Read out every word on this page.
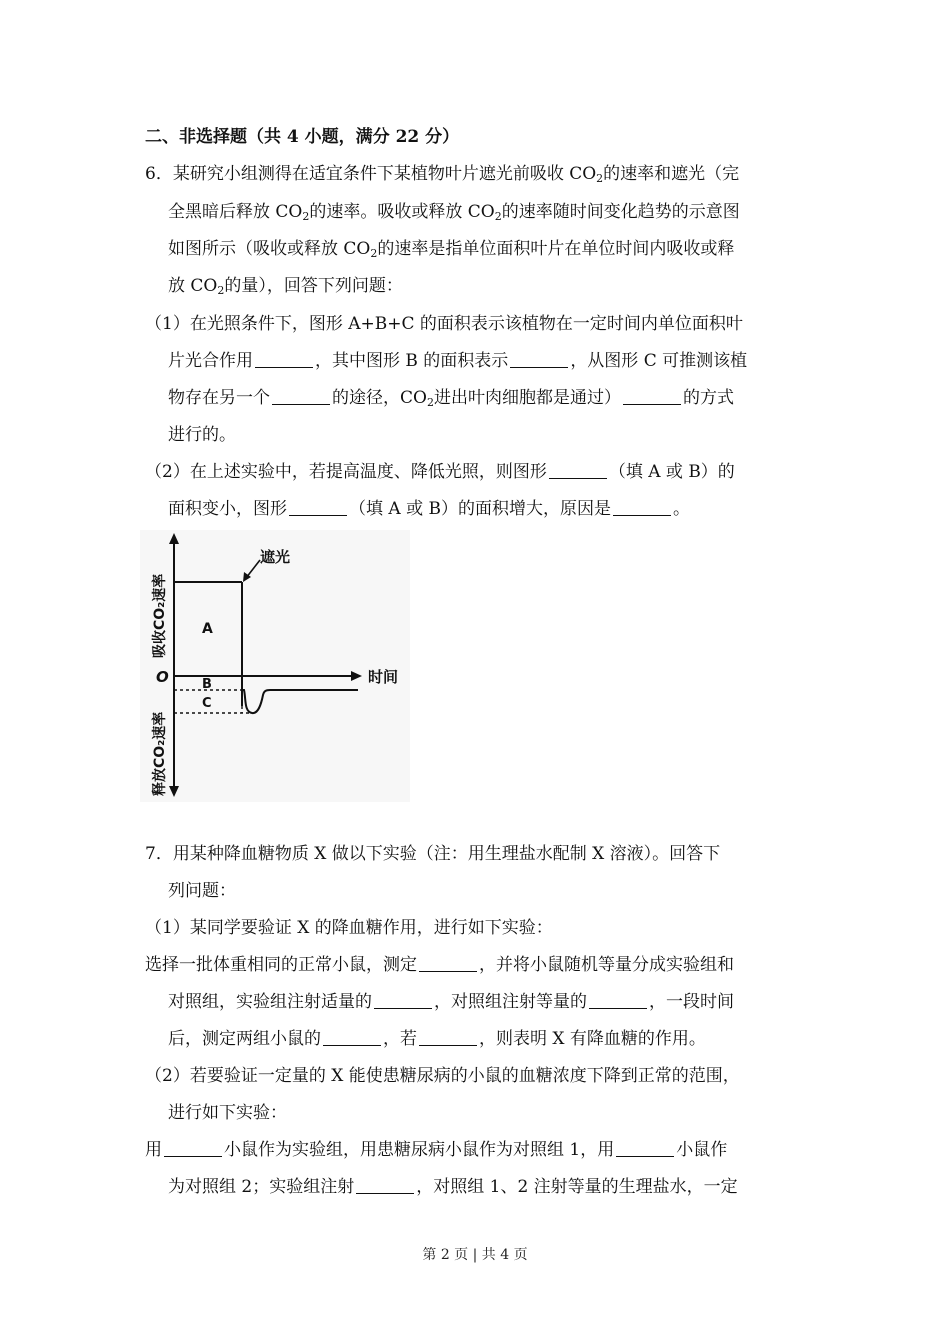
二、非选择题（共 4 小题，满分 22 分）
6．某研究小组测得在适宜条件下某植物叶片遮光前吸收 $CO_2$的速率和遮光（完
全黑暗后释放 $CO_2$的速率。吸收或释放 $CO_2$的速率随时间变化趋势的示意图
如图所示（吸收或释放 $CO_2$的速率是指单位面积叶片在单位时间内吸收或释
放 $CO_2$的量），回答下列问题：
（1）在光照条件下，图形 A+B+C 的面积表示该植物在一定时间内单位面积叶
片光合作用	，其中图形 B 的面积表示	，从图形 C 可推测该植
物存在另一个	的途径，$CO_2$进出叶肉细胞都是通过）	的方式
进行的。
（2）在上述实验中，若提高温度、降低光照，则图形	（填 A 或 B）的
面积变小，图形	（填 A 或 B）的面积增大，原因是	。
遮光
A
B
C
O	时间
吸收CO₂速率
释放CO₂速率
7．用某种降血糖物质 X 做以下实验（注：用生理盐水配制 X 溶液）。回答下
列问题：
（1）某同学要验证 X 的降血糖作用，进行如下实验：
选择一批体重相同的正常小鼠，测定	，并将小鼠随机等量分成实验组和
对照组，实验组注射适量的	，对照组注射等量的	，一段时间
后，测定两组小鼠的	，若	，则表明 X 有降血糖的作用。
（2）若要验证一定量的 X 能使患糖尿病的小鼠的血糖浓度下降到正常的范围，
进行如下实验：
用	小鼠作为实验组，用患糖尿病小鼠作为对照组 1，用	小鼠作
为对照组 2；实验组注射	，对照组 1、2 注射等量的生理盐水，一定
第 2 页 | 共 4 页
